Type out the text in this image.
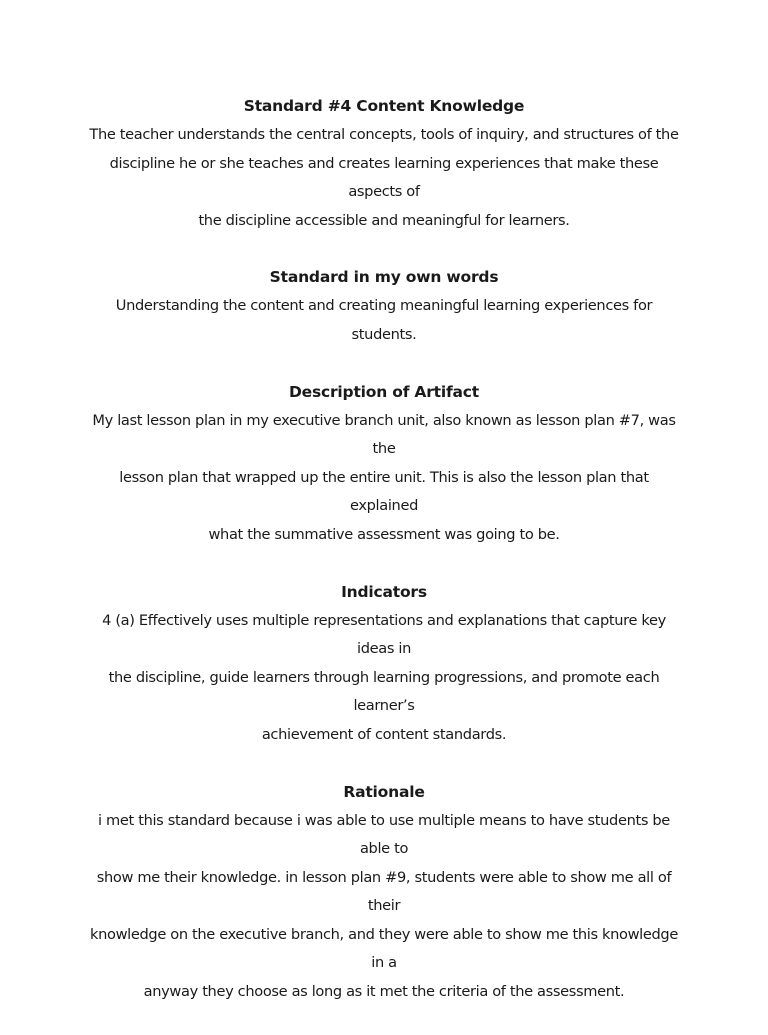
Standard #4 Content Knowledge

The teacher understands the central concepts, tools of inquiry, and structures of the

discipline he or she teaches and creates learning experiences that make these aspects of

the discipline accessible and meaningful for learners.

Standard in my own words

Understanding the content and creating meaningful learning experiences for students.

Description of Artifact

My last lesson plan in my executive branch unit, also known as lesson plan #7, was the

lesson plan that wrapped up the entire unit. This is also the lesson plan that explained

what the summative assessment was going to be.

Indicators

4 (a) Effectively uses multiple representations and explanations that capture key ideas in

the discipline, guide learners through learning progressions, and promote each learner’s

achievement of content standards.

Rationale

i met this standard because i was able to use multiple means to have students be able to

show me their knowledge. in lesson plan #9, students were able to show me all of their

knowledge on the executive branch, and they were able to show me this knowledge in a

anyway they choose as long as it met the criteria of the assessment.
